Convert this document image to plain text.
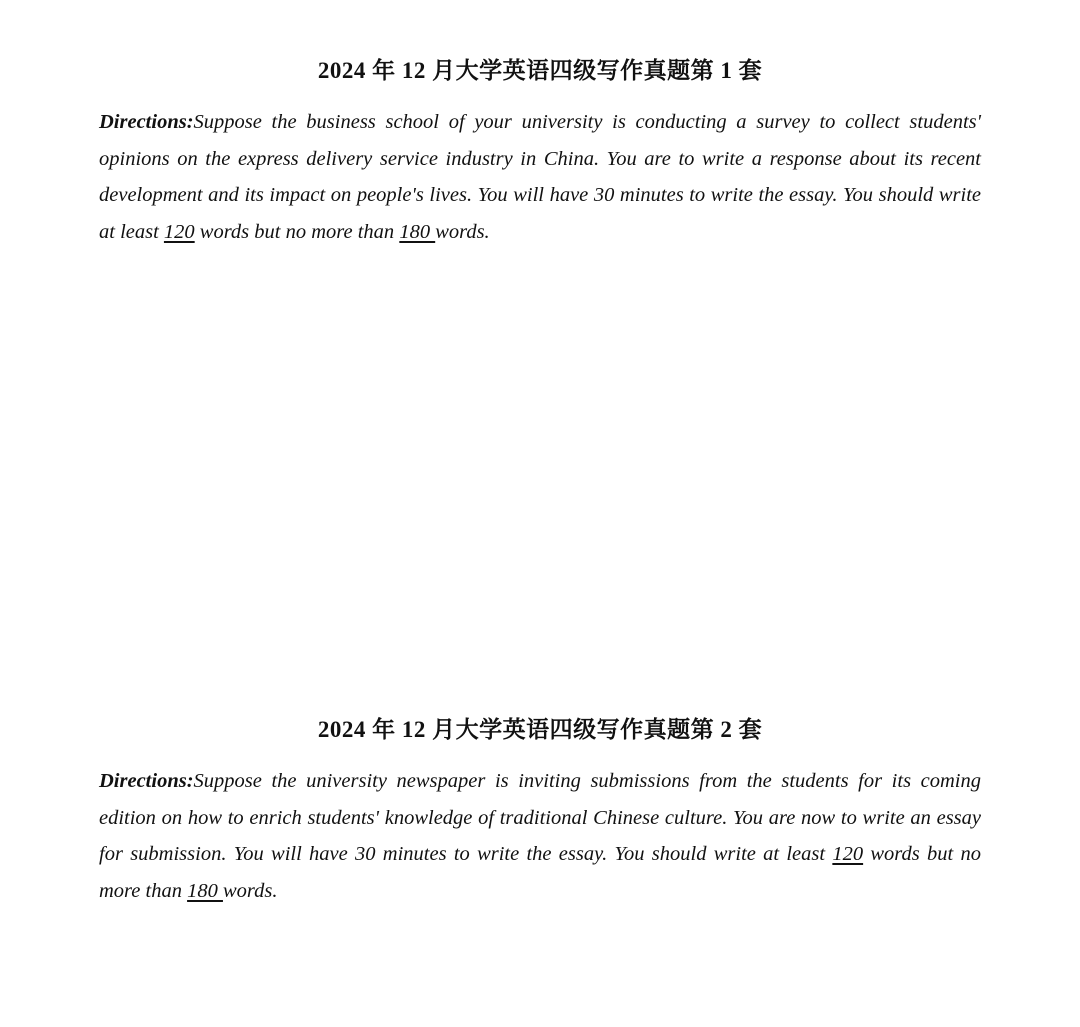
2024 年 12 月大学英语四级写作真题第 1 套

Directions:Suppose the business school of your university is conducting a survey to collect students' opinions on the express delivery service industry in China. You are to write a response about its recent development and its impact on people's lives. You will have 30 minutes to write the essay. You should write at least 120 words but no more than 180 words.

2024 年 12 月大学英语四级写作真题第 2 套

Directions:Suppose the university newspaper is inviting submissions from the students for its coming edition on how to enrich students' knowledge of traditional Chinese culture. You are now to write an essay for submission. You will have 30 minutes to write the essay. You should write at least 120 words but no more than 180 words.
